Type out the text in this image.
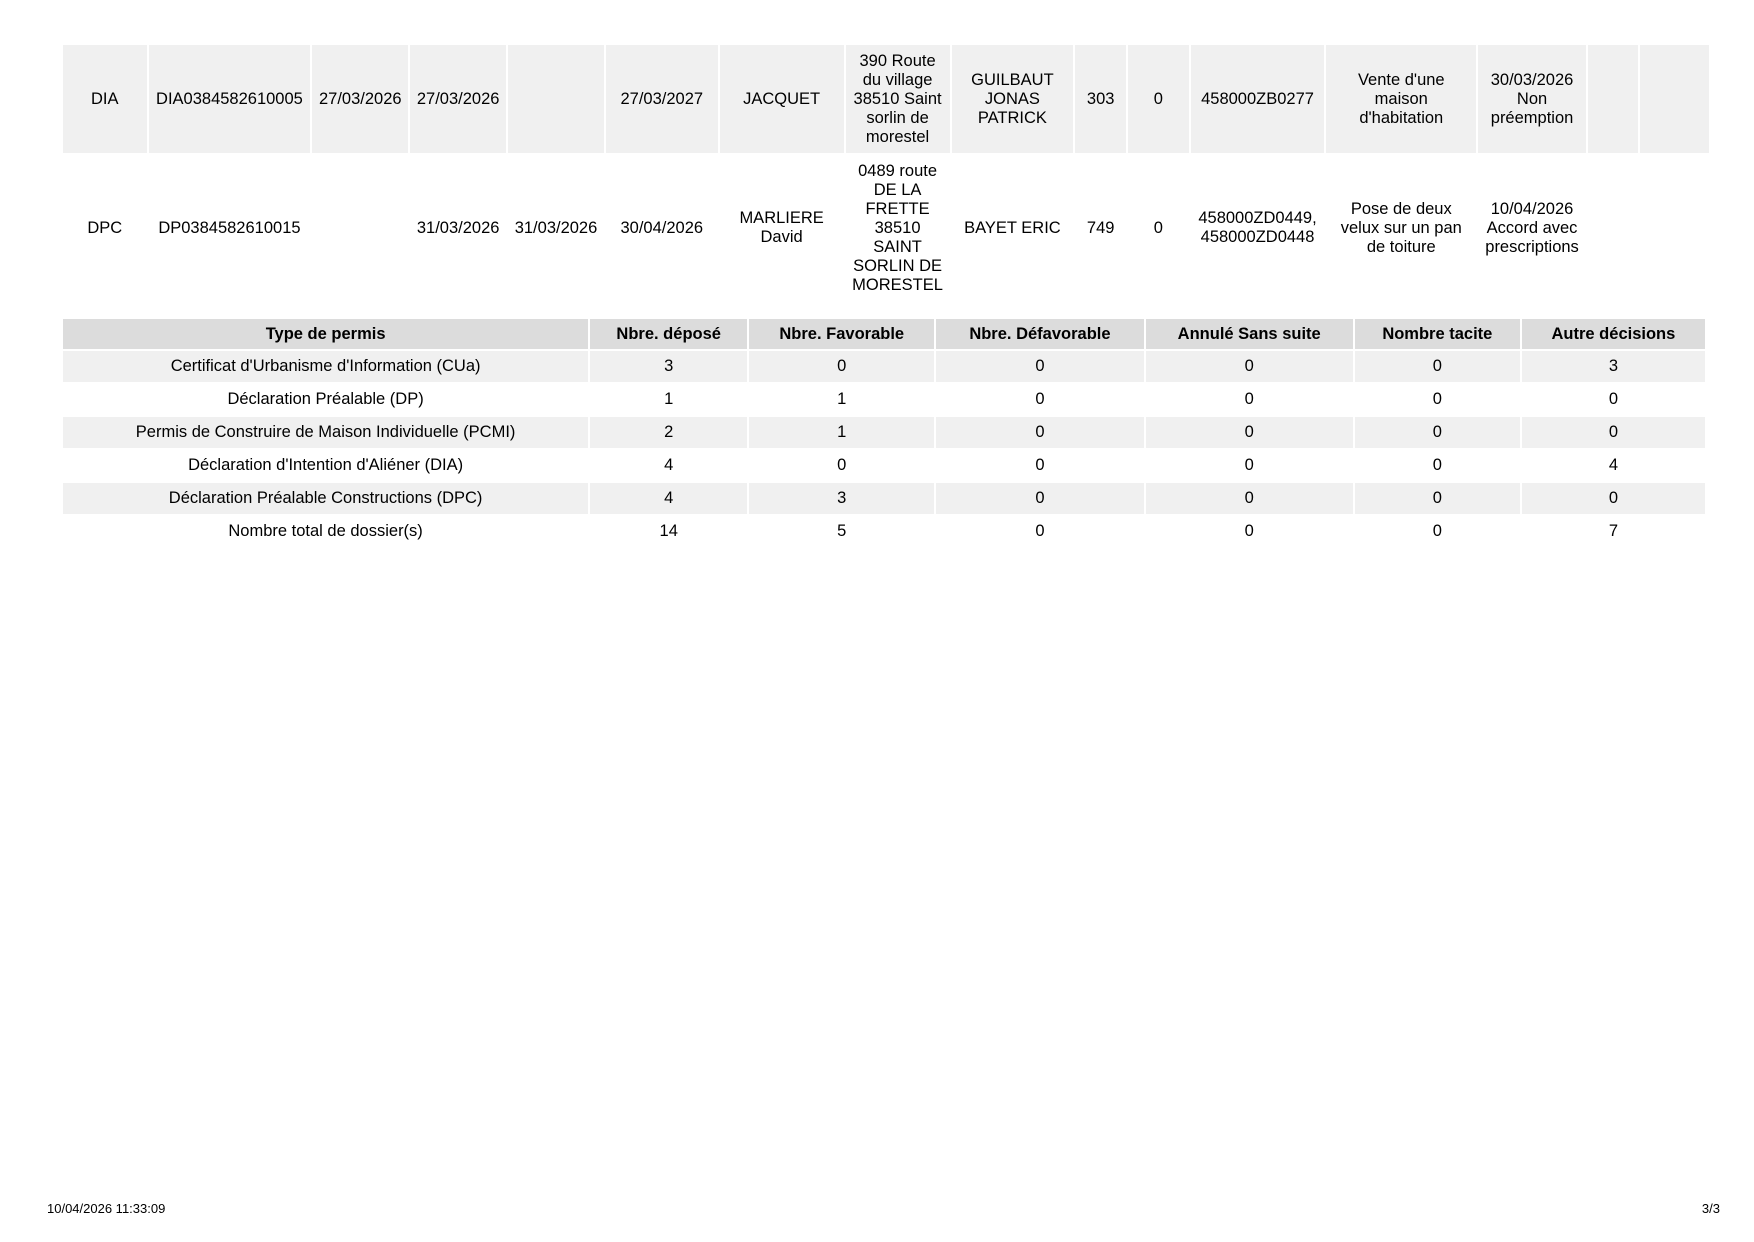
DIA	DIA0384582610005	27/03/2026	27/03/2026		27/03/2027	JACQUET	390 Route du village 38510 Saint sorlin de morestel	GUILBAUT JONAS PATRICK	303	0	458000ZB0277	Vente d'une maison d'habitation	30/03/2026 Non préemption		
DPC	DP0384582610015		31/03/2026	31/03/2026	30/04/2026	MARLIERE David	0489 route DE LA FRETTE 38510 SAINT SORLIN DE MORESTEL	BAYET ERIC	749	0	458000ZD0449, 458000ZD0448	Pose de deux velux sur un pan de toiture	10/04/2026 Accord avec prescriptions		
Type de permis	Nbre. déposé	Nbre. Favorable	Nbre. Défavorable	Annulé Sans suite	Nombre tacite	Autre décisions
Certificat d'Urbanisme d'Information (CUa)	3	0	0	0	0	3
Déclaration Préalable (DP)	1	1	0	0	0	0
Permis de Construire de Maison Individuelle (PCMI)	2	1	0	0	0	0
Déclaration d'Intention d'Aliéner (DIA)	4	0	0	0	0	4
Déclaration Préalable Constructions (DPC)	4	3	0	0	0	0
Nombre total de dossier(s)	14	5	0	0	0	7
10/04/2026 11:33:09	3/3
